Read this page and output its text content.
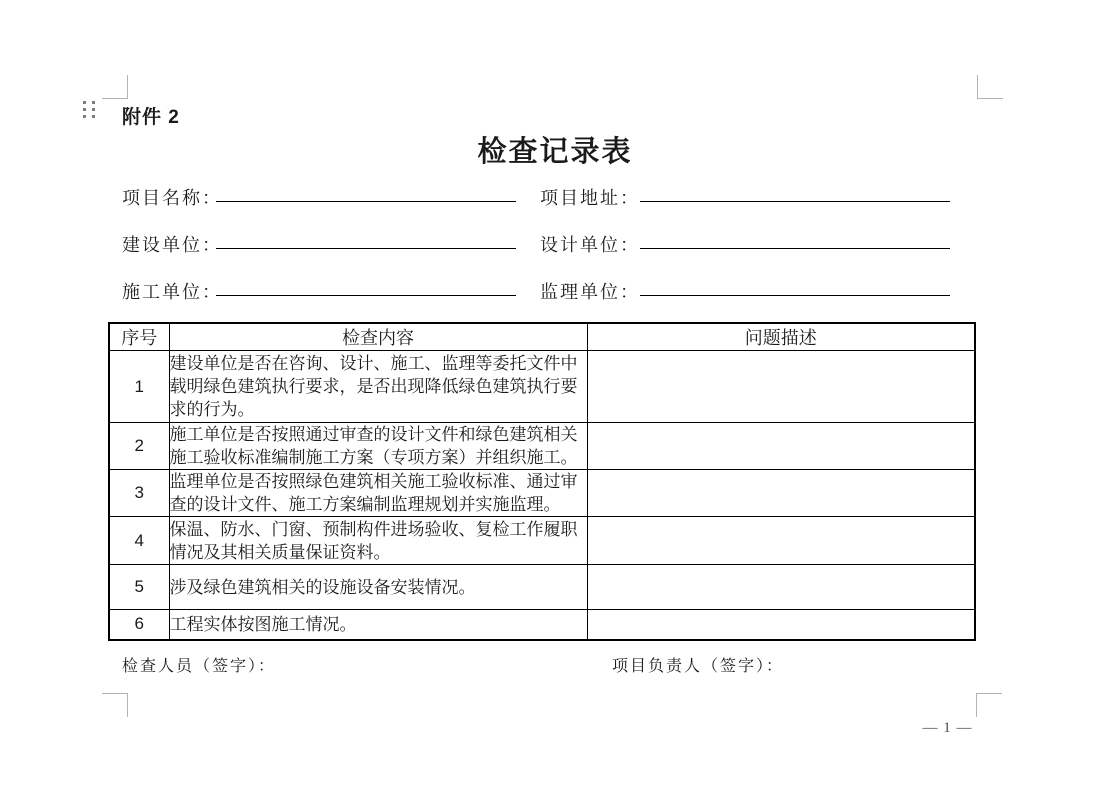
附件 2
检查记录表
项目名称：	项目地址：
建设单位：	设计单位：
施工单位：	监理单位：
序号	检查内容	问题描述
1	建设单位是否在咨询、设计、施工、监理等委托文件中载明绿色建筑执行要求，是否出现降低绿色建筑执行要求的行为。	
2	施工单位是否按照通过审查的设计文件和绿色建筑相关施工验收标准编制施工方案（专项方案）并组织施工。	
3	监理单位是否按照绿色建筑相关施工验收标准、通过审查的设计文件、施工方案编制监理规划并实施监理。	
4	保温、防水、门窗、预制构件进场验收、复检工作履职情况及其相关质量保证资料。	
5	涉及绿色建筑相关的设施设备安装情况。	
6	工程实体按图施工情况。	
检查人员（签字）：	项目负责人（签字）：
— 1 —
